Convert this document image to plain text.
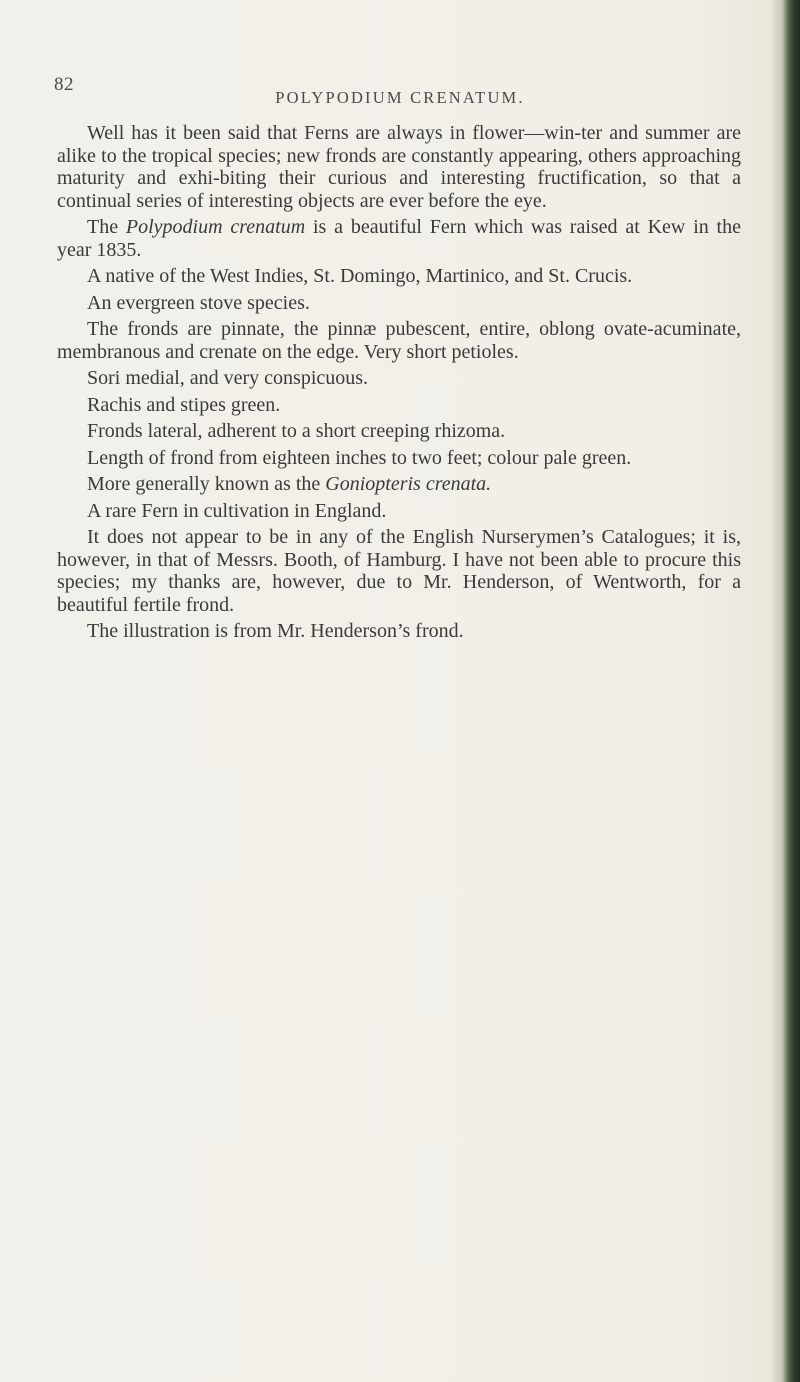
82
POLYPODIUM CRENATUM.

Well has it been said that Ferns are always in flower—win-ter and summer are alike to the tropical species; new fronds are constantly appearing, others approaching maturity and exhi-biting their curious and interesting fructification, so that a continual series of interesting objects are ever before the eye.

The Polypodium crenatum is a beautiful Fern which was raised at Kew in the year 1835.

A native of the West Indies, St. Domingo, Martinico, and St. Crucis.

An evergreen stove species.

The fronds are pinnate, the pinnæ pubescent, entire, oblong ovate-acuminate, membranous and crenate on the edge. Very short petioles.

Sori medial, and very conspicuous.

Rachis and stipes green.

Fronds lateral, adherent to a short creeping rhizoma.

Length of frond from eighteen inches to two feet; colour pale green.

More generally known as the Goniopteris crenata.

A rare Fern in cultivation in England.

It does not appear to be in any of the English Nurserymen’s Catalogues; it is, however, in that of Messrs. Booth, of Hamburg. I have not been able to procure this species; my thanks are, however, due to Mr. Henderson, of Wentworth, for a beautiful fertile frond.

The illustration is from Mr. Henderson’s frond.
